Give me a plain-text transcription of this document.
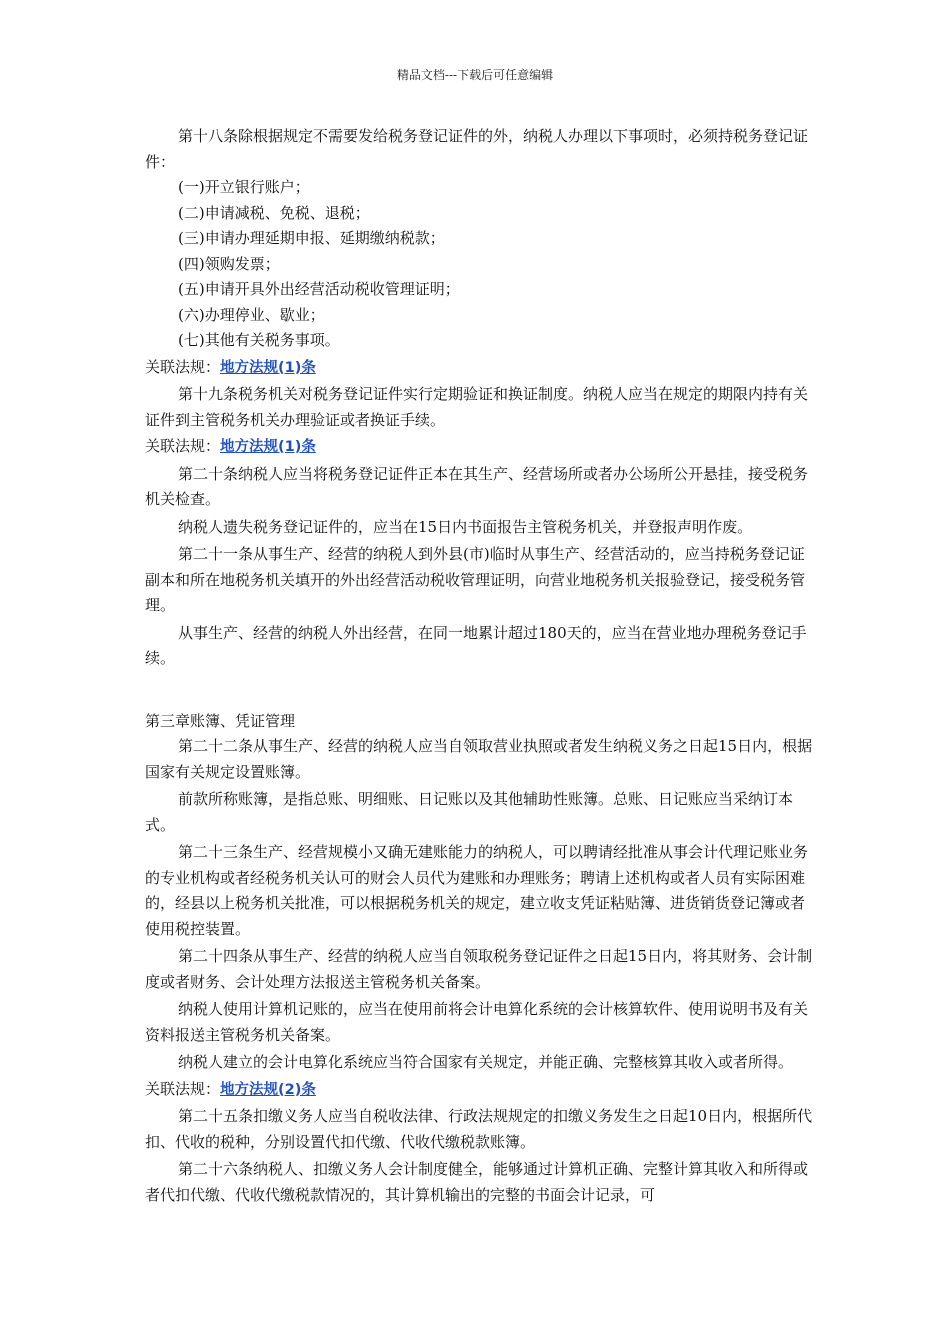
精品文档---下载后可任意编辑

第十八条除根据规定不需要发给税务登记证件的外，纳税人办理以下事项时，必须持税务登记证件：

(一)开立银行账户；

(二)申请减税、免税、退税；

(三)申请办理延期申报、延期缴纳税款；

(四)领购发票；

(五)申请开具外出经营活动税收管理证明；

(六)办理停业、歇业；

(七)其他有关税务事项。

关联法规：地方法规(1)条

第十九条税务机关对税务登记证件实行定期验证和换证制度。纳税人应当在规定的期限内持有关证件到主管税务机关办理验证或者换证手续。

关联法规：地方法规(1)条

第二十条纳税人应当将税务登记证件正本在其生产、经营场所或者办公场所公开悬挂，接受税务机关检查。

纳税人遗失税务登记证件的，应当在15日内书面报告主管税务机关，并登报声明作废。

第二十一条从事生产、经营的纳税人到外县(市)临时从事生产、经营活动的，应当持税务登记证副本和所在地税务机关填开的外出经营活动税收管理证明，向营业地税务机关报验登记，接受税务管理。

从事生产、经营的纳税人外出经营，在同一地累计超过180天的，应当在营业地办理税务登记手续。

第三章账簿、凭证管理

第二十二条从事生产、经营的纳税人应当自领取营业执照或者发生纳税义务之日起15日内，根据国家有关规定设置账簿。

前款所称账簿，是指总账、明细账、日记账以及其他辅助性账簿。总账、日记账应当采纳订本式。

第二十三条生产、经营规模小又确无建账能力的纳税人，可以聘请经批准从事会计代理记账业务的专业机构或者经税务机关认可的财会人员代为建账和办理账务；聘请上述机构或者人员有实际困难的，经县以上税务机关批准，可以根据税务机关的规定，建立收支凭证粘贴簿、进货销货登记簿或者使用税控装置。

第二十四条从事生产、经营的纳税人应当自领取税务登记证件之日起15日内，将其财务、会计制度或者财务、会计处理方法报送主管税务机关备案。

纳税人使用计算机记账的，应当在使用前将会计电算化系统的会计核算软件、使用说明书及有关资料报送主管税务机关备案。

纳税人建立的会计电算化系统应当符合国家有关规定，并能正确、完整核算其收入或者所得。

关联法规：地方法规(2)条

第二十五条扣缴义务人应当自税收法律、行政法规规定的扣缴义务发生之日起10日内，根据所代扣、代收的税种，分别设置代扣代缴、代收代缴税款账簿。

第二十六条纳税人、扣缴义务人会计制度健全，能够通过计算机正确、完整计算其收入和所得或者代扣代缴、代收代缴税款情况的，其计算机输出的完整的书面会计记录，可
